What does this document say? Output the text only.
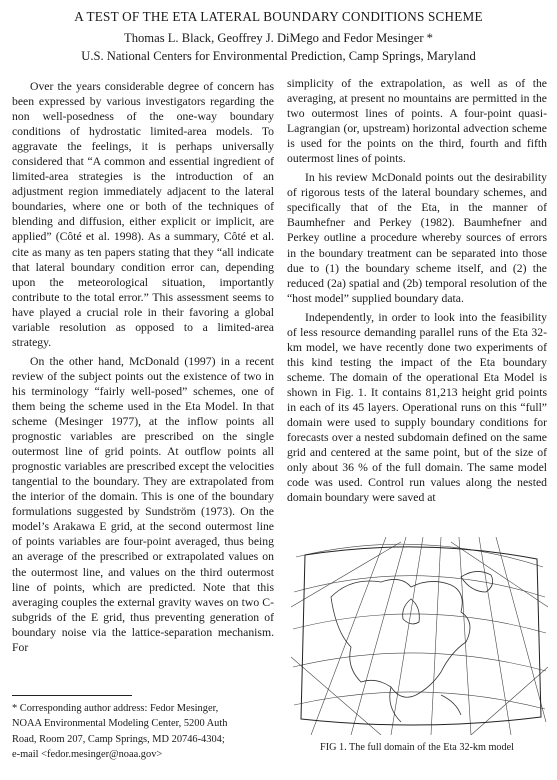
A TEST OF THE ETA LATERAL BOUNDARY CONDITIONS SCHEME
Thomas L. Black, Geoffrey J. DiMego and Fedor Mesinger *
U.S. National Centers for Environmental Prediction, Camp Springs, Maryland

Over the years considerable degree of concern has been expressed by various investigators regarding the non well-posedness of the one-way boundary conditions of hydrostatic limited-area models. To aggravate the feelings, it is perhaps universally considered that “A common and essential ingredient of limited-area strategies is the introduction of an adjustment region immediately adjacent to the lateral boundaries, where one or both of the techniques of blending and diffusion, either explicit or implicit, are applied” (Côté et al. 1998). As a summary, Côté et al. cite as many as ten papers stating that they “all indicate that lateral boundary condition error can, depending upon the meteorological situation, importantly contribute to the total error.” This assessment seems to have played a crucial role in their favoring a global variable resolution as opposed to a limited-area strategy.

On the other hand, McDonald (1997) in a recent review of the subject points out the existence of two in his terminology “fairly well-posed” schemes, one of them being the scheme used in the Eta Model. In that scheme (Mesinger 1977), at the inflow points all prognostic variables are prescribed on the single outermost line of grid points. At outflow points all prognostic variables are prescribed except the velocities tangential to the boundary. They are extrapolated from the interior of the domain. This is one of the boundary formulations suggested by Sundström (1973). On the model’s Arakawa E grid, at the second outermost line of points variables are four-point averaged, thus being an average of the prescribed or extrapolated values on the outermost line, and values on the third outermost line of points, which are predicted. Note that this averaging couples the external gravity waves on two C-subgrids of the E grid, thus preventing generation of boundary noise via the lattice-separation mechanism. For

simplicity of the extrapolation, as well as of the averaging, at present no mountains are permitted in the two outermost lines of points. A four-point quasi-Lagrangian (or, upstream) horizontal advection scheme is used for the points on the third, fourth and fifth outermost lines of points.

In his review McDonald points out the desirability of rigorous tests of the lateral boundary schemes, and specifically that of the Eta, in the manner of Baumhefner and Perkey (1982). Baumhefner and Perkey outline a procedure whereby sources of errors in the boundary treatment can be separated into those due to (1) the boundary scheme itself, and (2) the reduced (2a) spatial and (2b) temporal resolution of the “host model” supplied boundary data.

Independently, in order to look into the feasibility of less resource demanding parallel runs of the Eta 32-km model, we have recently done two experiments of this kind testing the impact of the Eta boundary scheme. The domain of the operational Eta Model is shown in Fig. 1. It contains 81,213 height grid points in each of its 45 layers. Operational runs on this “full” domain were used to supply boundary conditions for forecasts over a nested subdomain defined on the same grid and centered at the same point, but of the size of only about 36 % of the full domain. The same model code was used. Control run values along the nested domain boundary were saved at

* Corresponding author address: Fedor Mesinger,
NOAA Environmental Modeling Center, 5200 Auth
Road, Room 207, Camp Springs, MD 20746-4304;
e-mail <fedor.mesinger@noaa.gov>
FIG 1. The full domain of the Eta 32-km model
